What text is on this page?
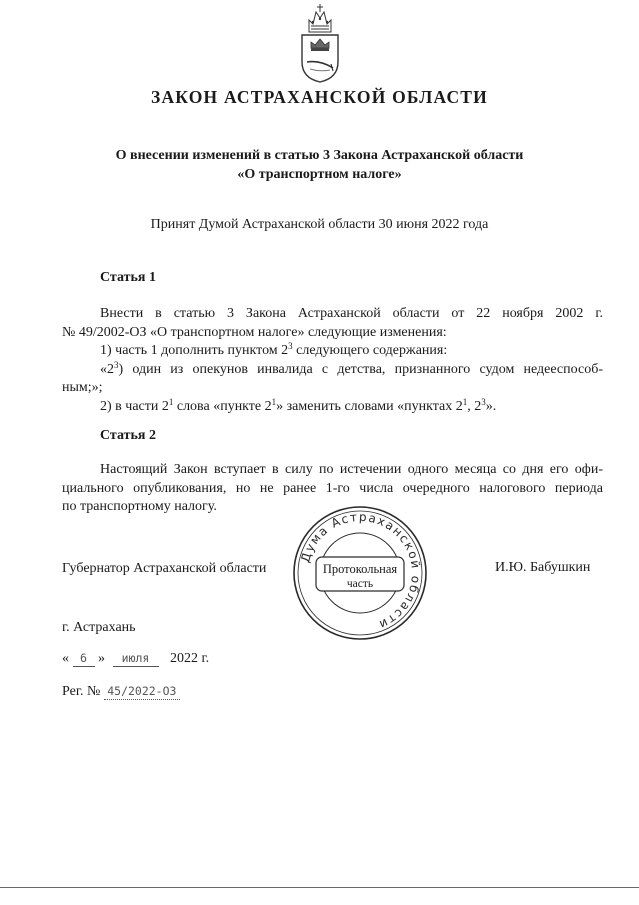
ЗАКОН АСТРАХАНСКОЙ ОБЛАСТИ
О внесении изменений в статью 3 Закона Астраханской области
«О транспортном налоге»
Принят Думой Астраханской области 30 июня 2022 года
Статья 1

Внести в статью 3 Закона Астраханской области от 22 ноября 2002 г.

№ 49/2002-ОЗ «О транспортном налоге» следующие изменения:

1) часть 1 дополнить пунктом $2^3$ следующего содержания:

«$2^3$) один из опекунов инвалида с детства, признанного судом недееспособ-

ным;»;

2) в части $2^1$ слова «пункте $2^1$» заменить словами «пунктах $2^1$, $2^3$».

Статья 2

Настоящий Закон вступает в силу по истечении одного месяца со дня его офи-

циального опубликования, но не ранее 1-го числа очередного налогового периода

по транспортному налогу.

Губернатор Астраханской области	И.Ю. Бабушкин
Дума Астраханской области
Протокольная
часть
г. Астрахань
« 6 » июля 2022 г.
Рег. № 45/2022-ОЗ
